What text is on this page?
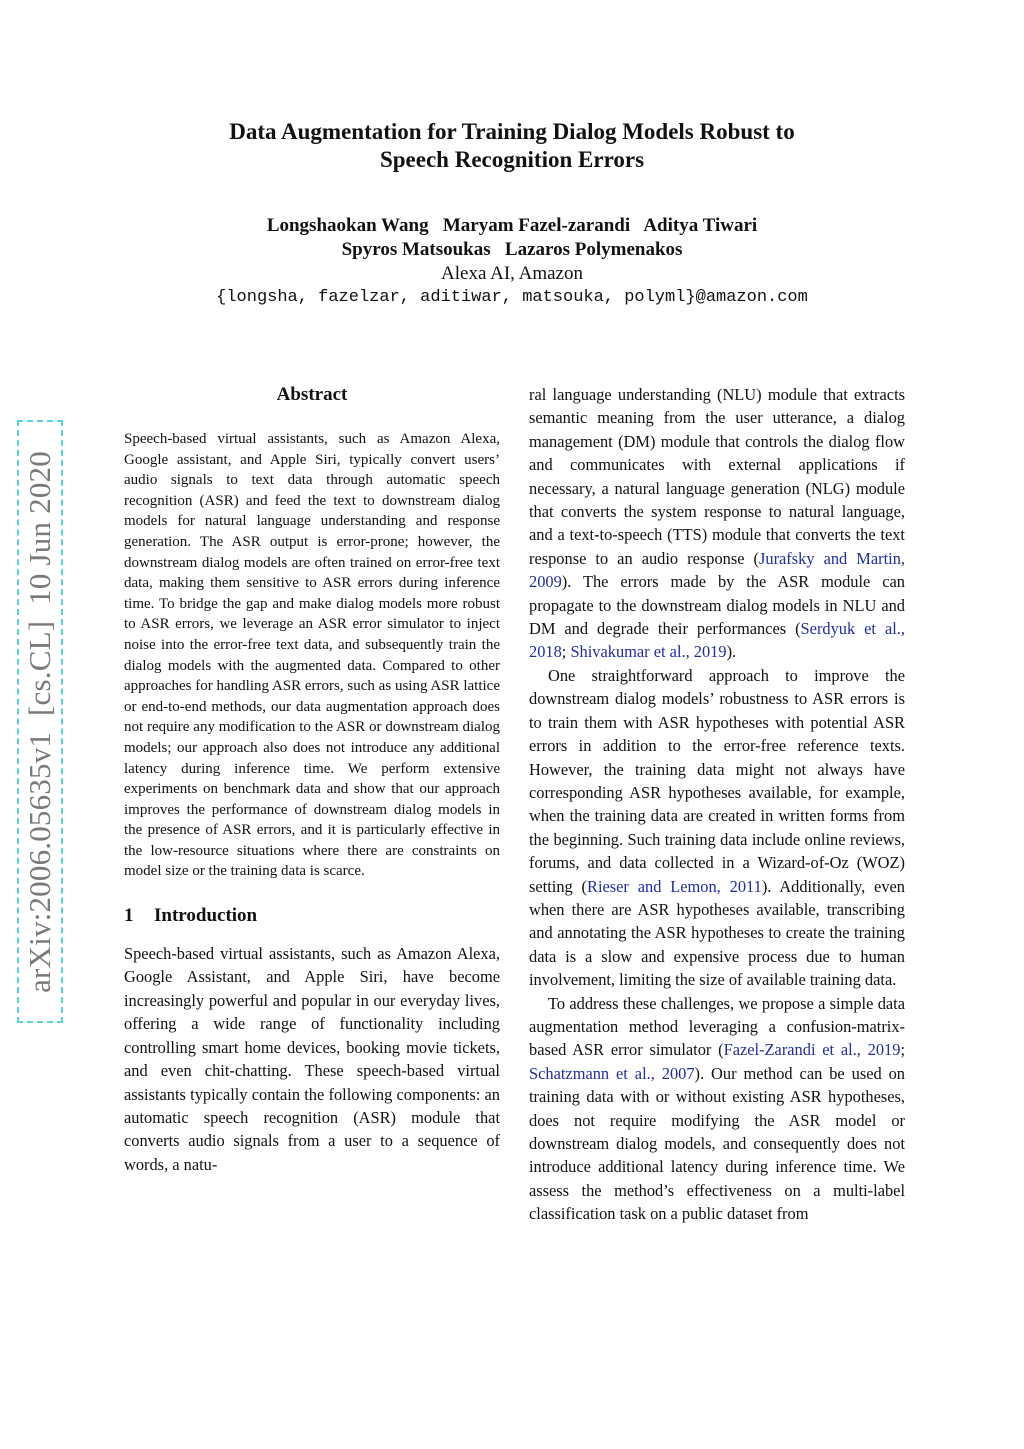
Data Augmentation for Training Dialog Models Robust to
Speech Recognition Errors
Longshaokan Wang   Maryam Fazel-zarandi   Aditya Tiwari
Spyros Matsoukas   Lazaros Polymenakos
Alexa AI, Amazon
{longsha, fazelzar, aditiwar, matsouka, polyml}@amazon.com
arXiv:2006.05635v1  [cs.CL]  10 Jun 2020
Abstract

Speech-based virtual assistants, such as Amazon Alexa, Google assistant, and Apple Siri, typically convert users’ audio signals to text data through automatic speech recognition (ASR) and feed the text to downstream dialog models for natural language understanding and response generation. The ASR output is error-prone; however, the downstream dialog models are often trained on error-free text data, making them sensitive to ASR errors during inference time. To bridge the gap and make dialog models more robust to ASR errors, we leverage an ASR error simulator to inject noise into the error-free text data, and subsequently train the dialog models with the augmented data. Compared to other approaches for handling ASR errors, such as using ASR lattice or end-to-end methods, our data augmentation approach does not require any modification to the ASR or downstream dialog models; our approach also does not introduce any additional latency during inference time. We perform extensive experiments on benchmark data and show that our approach improves the performance of downstream dialog models in the presence of ASR errors, and it is particularly effective in the low-resource situations where there are constraints on model size or the training data is scarce.

1 Introduction

Speech-based virtual assistants, such as Amazon Alexa, Google Assistant, and Apple Siri, have become increasingly powerful and popular in our everyday lives, offering a wide range of functionality including controlling smart home devices, booking movie tickets, and even chit-chatting. These speech-based virtual assistants typically contain the following components: an automatic speech recognition (ASR) module that converts audio signals from a user to a sequence of words, a natu-

ral language understanding (NLU) module that extracts semantic meaning from the user utterance, a dialog management (DM) module that controls the dialog flow and communicates with external applications if necessary, a natural language generation (NLG) module that converts the system response to natural language, and a text-to-speech (TTS) module that converts the text response to an audio response (Jurafsky and Martin, 2009). The errors made by the ASR module can propagate to the downstream dialog models in NLU and DM and degrade their performances (Serdyuk et al., 2018; Shivakumar et al., 2019).

One straightforward approach to improve the downstream dialog models’ robustness to ASR errors is to train them with ASR hypotheses with potential ASR errors in addition to the error-free reference texts. However, the training data might not always have corresponding ASR hypotheses available, for example, when the training data are created in written forms from the beginning. Such training data include online reviews, forums, and data collected in a Wizard-of-Oz (WOZ) setting (Rieser and Lemon, 2011). Additionally, even when there are ASR hypotheses available, transcribing and annotating the ASR hypotheses to create the training data is a slow and expensive process due to human involvement, limiting the size of available training data.

To address these challenges, we propose a simple data augmentation method leveraging a confusion-matrix-based ASR error simulator (Fazel-Zarandi et al., 2019; Schatzmann et al., 2007). Our method can be used on training data with or without existing ASR hypotheses, does not require modifying the ASR model or downstream dialog models, and consequently does not introduce additional latency during inference time. We assess the method’s effectiveness on a multi-label classification task on a public dataset from
